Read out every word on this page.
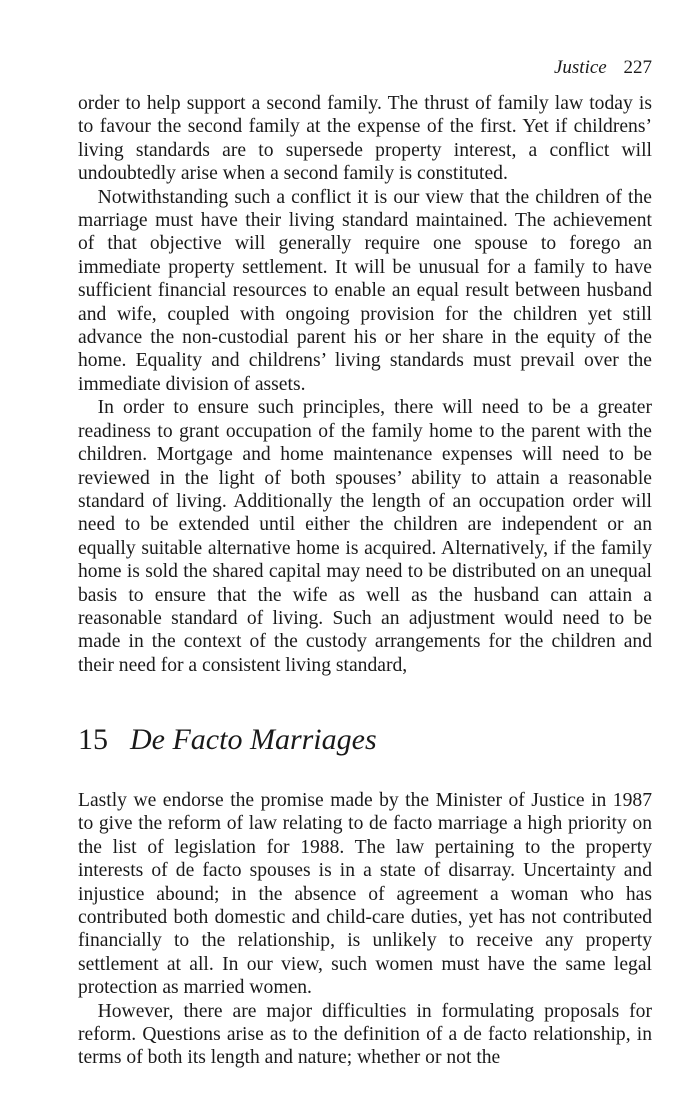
Justice 227

order to help support a second family. The thrust of family law today is to favour the second family at the expense of the first. Yet if childrens’ living standards are to supersede property interest, a conflict will undoubtedly arise when a second family is constituted.

Notwithstanding such a conflict it is our view that the children of the marriage must have their living standard maintained. The achievement of that objective will generally require one spouse to forego an immediate property settlement. It will be unusual for a family to have sufficient financial resources to enable an equal result between husband and wife, coupled with ongoing provision for the children yet still advance the non-custodial parent his or her share in the equity of the home. Equality and childrens’ living standards must prevail over the immediate division of assets.

In order to ensure such principles, there will need to be a greater readiness to grant occupation of the family home to the parent with the children. Mortgage and home maintenance expenses will need to be reviewed in the light of both spouses’ ability to attain a reasonable standard of living. Additionally the length of an occupation order will need to be extended until either the children are independent or an equally suitable alternative home is acquired. Alternatively, if the family home is sold the shared capital may need to be distributed on an unequal basis to ensure that the wife as well as the husband can attain a reasonable standard of living. Such an adjustment would need to be made in the context of the custody arrangements for the children and their need for a consistent living standard,

15 De Facto Marriages

Lastly we endorse the promise made by the Minister of Justice in 1987 to give the reform of law relating to de facto marriage a high priority on the list of legislation for 1988. The law pertaining to the property interests of de facto spouses is in a state of disarray. Uncertainty and injustice abound; in the absence of agreement a woman who has contributed both domestic and child-care duties, yet has not contributed financially to the relationship, is unlikely to receive any property settlement at all. In our view, such women must have the same legal protection as married women.

However, there are major difficulties in formulating proposals for reform. Questions arise as to the definition of a de facto relationship, in terms of both its length and nature; whether or not the
